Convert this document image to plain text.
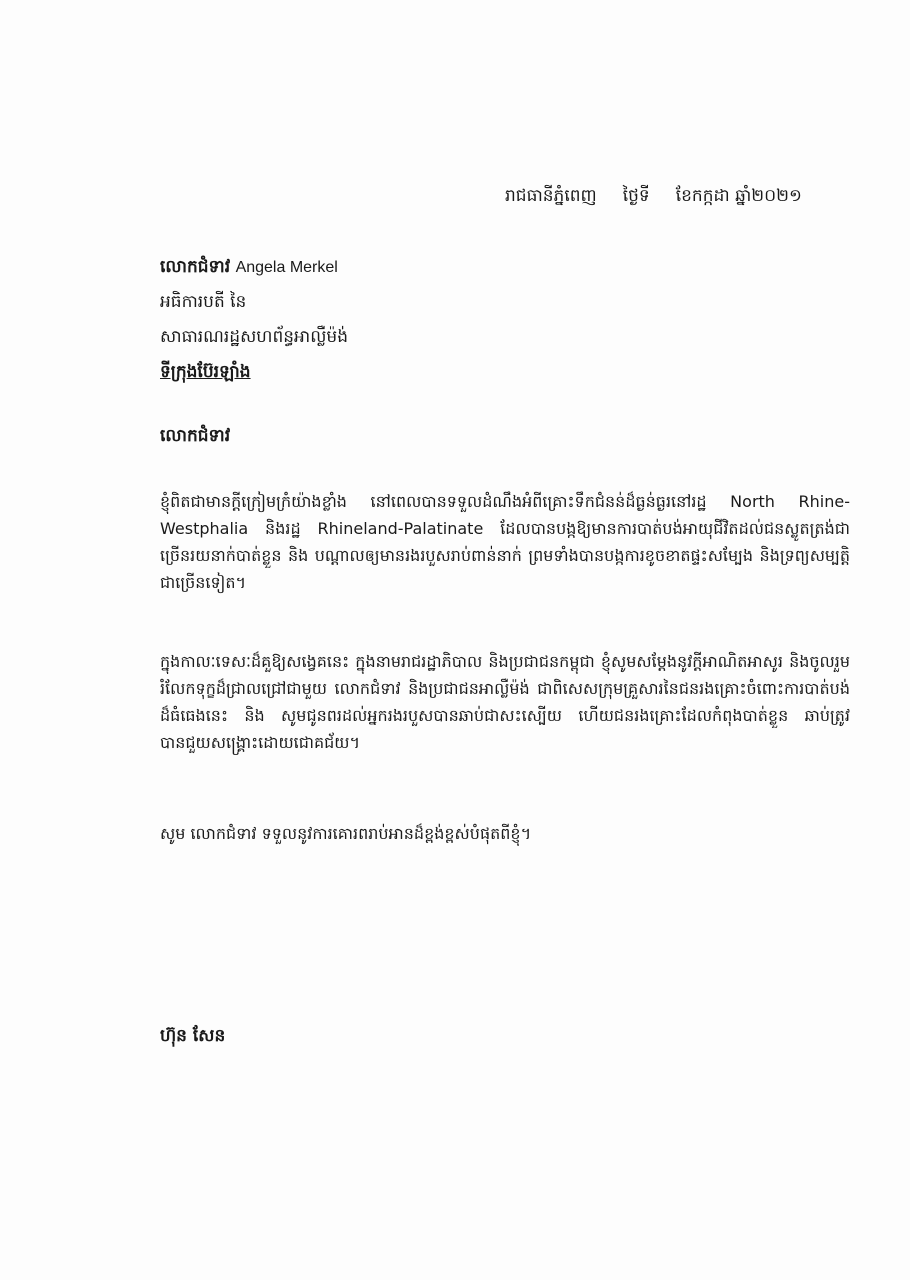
រាជធានីភ្នំពេញ ថ្ងៃទី ខែកក្កដា ឆ្នាំ២០២១
លោកជំទាវ Angela Merkel
អធិការបតី នៃ
សាធារណរដ្ឋសហព័ន្ធអាល្លឺម៉ង់
ទីក្រុងប៊ែរឡាំង
លោកជំទាវ
ខ្ញុំពិតជាមានក្តីក្រៀមក្រំយ៉ាងខ្លាំង នៅពេលបានទទួលដំណឹងអំពីគ្រោះទឹកជំនន់ដ៏ធ្ងន់ធ្ងរនៅរដ្ឋ North Rhine-Westphalia និងរដ្ឋ Rhineland-Palatinate ដែលបានបង្កឱ្យមានការបាត់បង់អាយុជីវិតដល់ជនស្លូតត្រង់ជាច្រើនរយនាក់បាត់ខ្លួន និង បណ្តាលឲ្យមានរងរបួសរាប់ពាន់នាក់ ព្រមទាំងបានបង្កការខូចខាតផ្ទះសម្បែង និងទ្រព្យសម្បត្តិ ជាច្រើនទៀត។
ក្នុងកាលៈទេសៈដ៏គួឱ្យសង្វេគនេះ ក្នុងនាមរាជរដ្ឋាភិបាល និងប្រជាជនកម្ពុជា ខ្ញុំសូមសម្តែងនូវក្តីអាណិតអាសូរ និងចូលរួមរំលែកទុក្ខដ៏ជ្រាលជ្រៅជាមួយ លោកជំទាវ និងប្រជាជនអាល្លឺម៉ង់ ជាពិសេសក្រុមគ្រួសារនៃជនរងគ្រោះចំពោះការបាត់បង់ដ៏ធំធេងនេះ និង សូមជូនពរដល់អ្នករងរបួសបានឆាប់ជាសះស្បើយ ហើយជនរងគ្រោះដែលកំពុងបាត់ខ្លួន ឆាប់ត្រូវបានជួយសង្គ្រោះដោយជោគជ័យ។
សូម លោកជំទាវ ទទួលនូវការគោរពរាប់អានដ៏ខ្ពង់ខ្ពស់បំផុតពីខ្ញុំ។
ហ៊ុន សែន
